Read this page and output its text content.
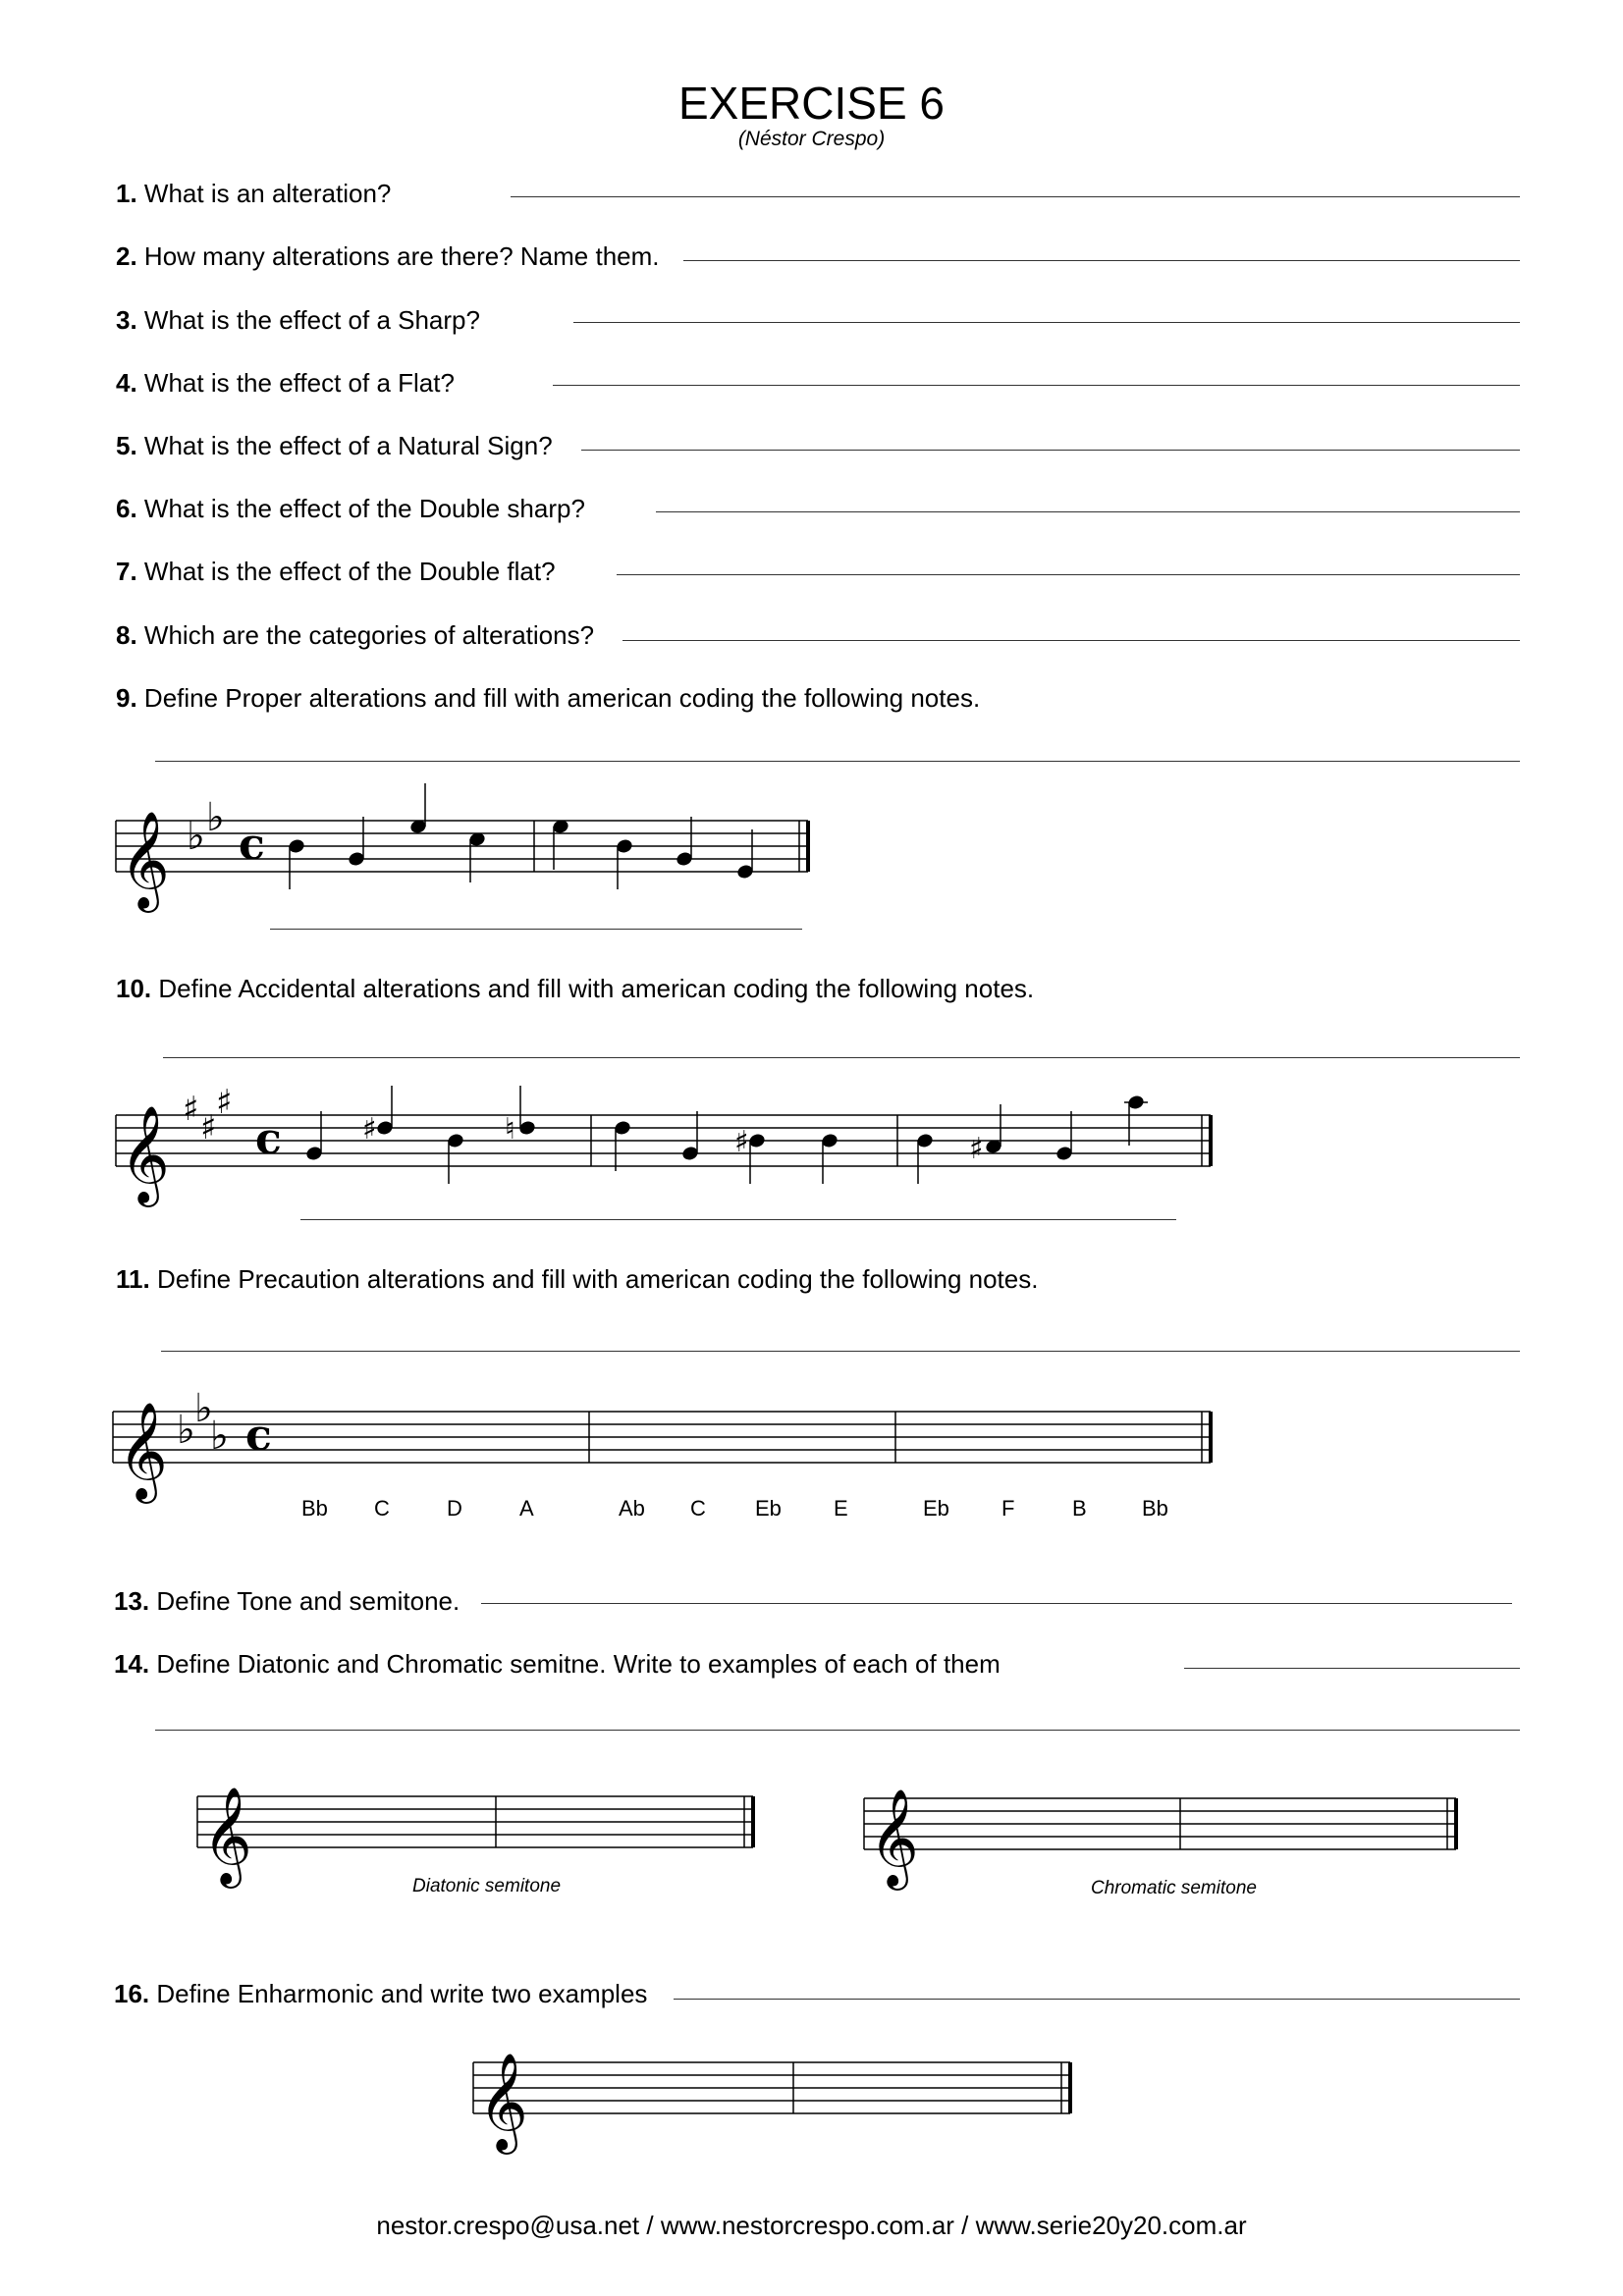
EXERCISE 6
(Néstor Crespo)
1. What is an alteration?
2. How many alterations are there? Name them.
3. What is the effect of a Sharp?
4. What is the effect of a Flat?
5. What is the effect of a Natural Sign?
6. What is the effect of the Double sharp?
7. What is the effect of the Double flat?
8. Which are the categories of alterations?
9. Define Proper alterations and fill with american coding the following notes.
𝄞 ♭ ♭
c
10. Define Accidental alterations and fill with american coding the following notes.
𝄞 ♯ ♯
♯
c	♯	♮	♯	♯
11. Define Precaution alterations and fill with american coding the following notes.
𝄞 ♭ ♭
♭ c
Bb C	D	A	Ab C Eb E	Eb F	B	Bb
13. Define Tone and semitone.
14. Define Diatonic and Chromatic semitne. Write to examples of each of them
𝄞
Diatonic semitone	𝄞
Chromatic semitone
16. Define Enharmonic and write two examples
𝄞
nestor.crespo@usa.net / www.nestorcrespo.com.ar / www.serie20y20.com.ar
